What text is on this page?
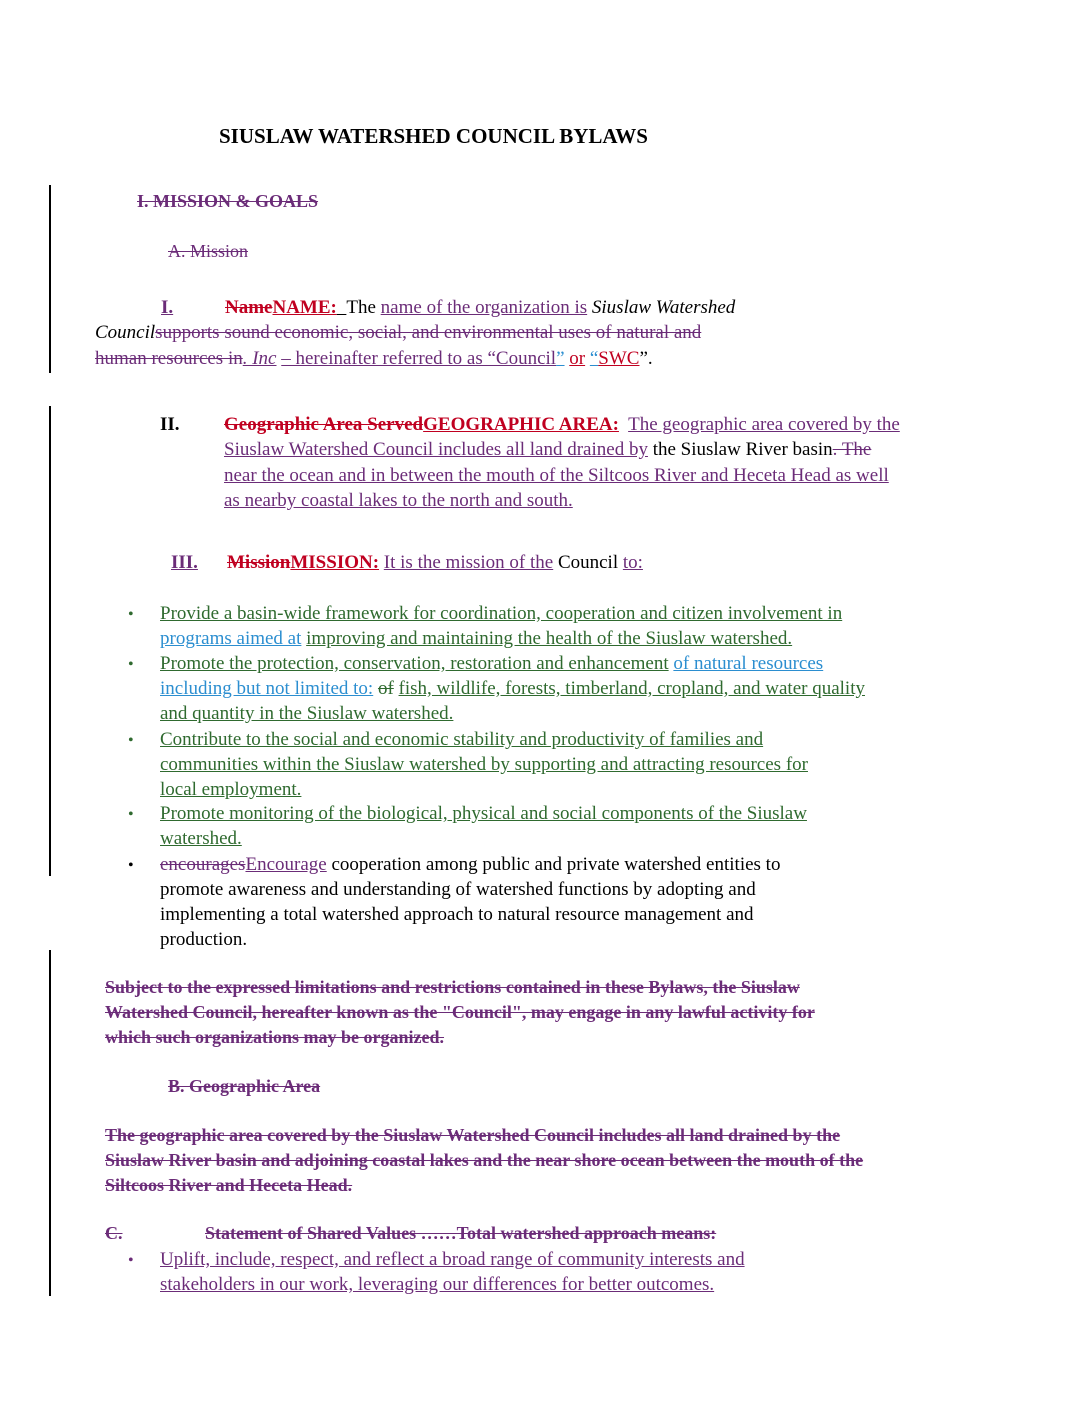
SIUSLAW WATERSHED COUNCIL BYLAWS
I. MISSION & GOALS
A. Mission
I.	NameNAME: The name of the organization is Siuslaw Watershed
Councilsupports sound economic, social, and environmental uses of natural and
human resources in. Inc – hereinafter referred to as “Council” or “SWC”.
II. Geographic Area ServedGEOGRAPHIC AREA: The geographic area covered by the
Siuslaw Watershed Council includes all land drained by the Siuslaw River basin. The
near the ocean and in between the mouth of the Siltcoos River and Heceta Head as well
as nearby coastal lakes to the north and south.
III. MissionMISSION: It is the mission of the Council to:
• Provide a basin-wide framework for coordination, cooperation and citizen involvement in
programs aimed at improving and maintaining the health of the Siuslaw watershed.
• Promote the protection, conservation, restoration and enhancement of natural resources
including but not limited to: of fish, wildlife, forests, timberland, cropland, and water quality
and quantity in the Siuslaw watershed.
• Contribute to the social and economic stability and productivity of families and
communities within the Siuslaw watershed by supporting and attracting resources for
local employment.
• Promote monitoring of the biological, physical and social components of the Siuslaw
watershed.
• encouragesEncourage cooperation among public and private watershed entities to
promote awareness and understanding of watershed functions by adopting and
implementing a total watershed approach to natural resource management and
production.
Subject to the expressed limitations and restrictions contained in these Bylaws, the Siuslaw
Watershed Council, hereafter known as the "Council", may engage in any lawful activity for
which such organizations may be organized.
B. Geographic Area
The geographic area covered by the Siuslaw Watershed Council includes all land drained by the
Siuslaw River basin and adjoining coastal lakes and the near shore ocean between the mouth of the
Siltcoos River and Heceta Head.
C.	Statement of Shared Values ……Total watershed approach means:
• Uplift, include, respect, and reflect a broad range of community interests and
stakeholders in our work, leveraging our differences for better outcomes.
